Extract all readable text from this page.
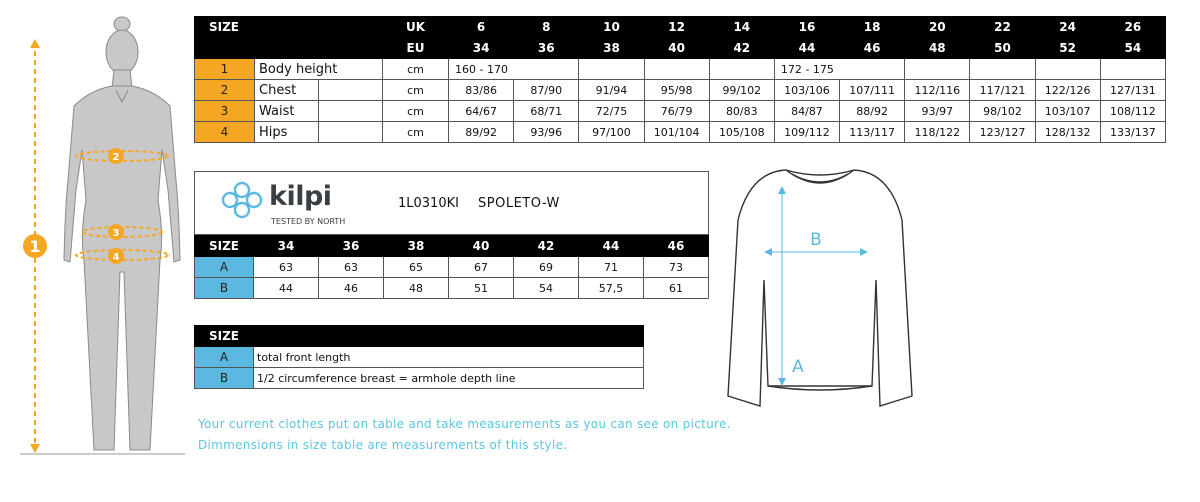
1
2
3
4
SIZE			UK	6	8	10	12	14	16	18	20	22	24	26
			EU	34	36	38	40	42	44	46	48	50	52	54
1	Body height		cm	160 - 170					172 - 175					
2	Chest		cm	83/86	87/90	91/94	95/98	99/102	103/106	107/111	112/116	117/121	122/126	127/131
3	Waist		cm	64/67	68/71	72/75	76/79	80/83	84/87	88/92	93/97	98/102	103/107	108/112
4	Hips		cm	89/92	93/96	97/100	101/104	105/108	109/112	113/117	118/122	123/127	128/132	133/137
kilpi
TESTED BY NORTH
1L0310KI SPOLETO-W
SIZE	34	36	38	40	42	44	46
A	63	63	65	67	69	71	73
B	44	46	48	51	54	57,5	61
SIZE	
A	total front length
B	1/2 circumference breast = armhole depth line
Your current clothes put on table and take measurements as you can see on picture.
Dimmensions in size table are measurements of this style.
B
A
